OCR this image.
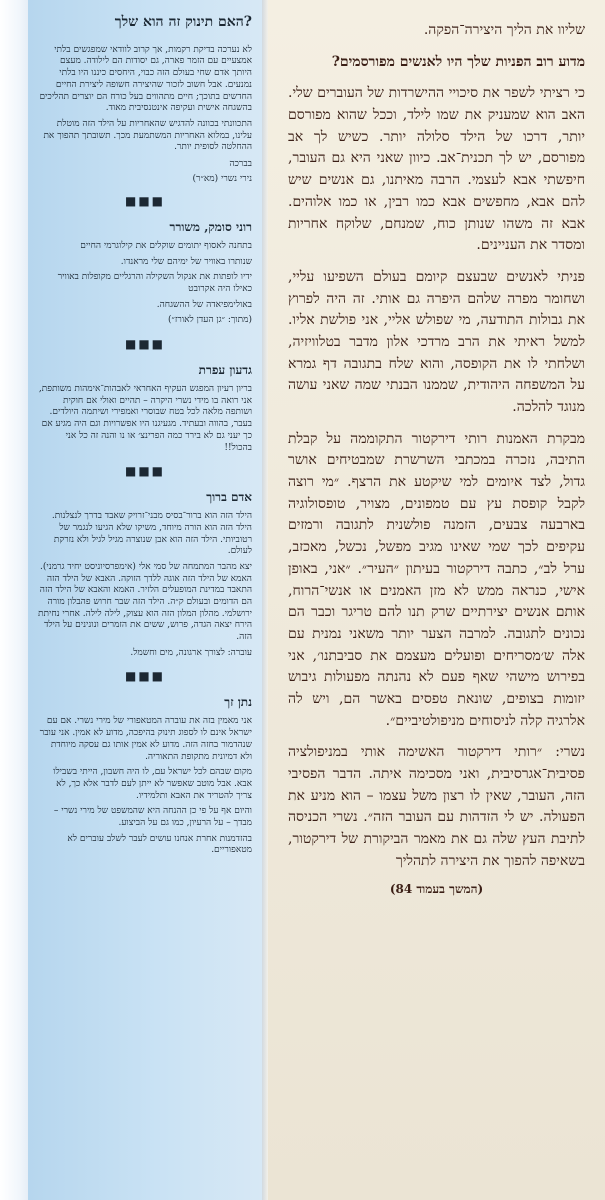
?האם תינוק זה הוא שלך

לא נערכה בדיקת רקמות, אך קרוב לוודאי שמפגשים בלתי אמצעיים עם הזמר פארה, גם יסודות הם לילודה. מעצם היותך אדם שחי בעולם הזה כבוי, היחסים כיננו היו בלתי נמנעים. אבל חשוב לזכור שהיצירה חשופה ליצירת החיים החדשים בתוכך; חיים מתהווים בעל כורח הם יוצרים תהליכים בהשגחה אישית ועקיפה אינטנסיבית מאוד.

התכוונתי בכוונה להדגיש שהאחריות על הילד הזה מוטלת עלינו, במלוא האחריות המשתמעת מכך. תשובתך תהפוך את ההחלטה לסופית יותר.

בברכה
נירי נשרי (מא״ר)
■■■
רוני סומק, משורר

בתחנה לאסוף יתומים שוקלים את קילוגרמי החיים

שנותרו באוויר של ימיהם שלי מראנדו.

ידיו לופתות את אנקול השקילה והרגליים מקופלות באוויר כאילו היה אקרובט

באולימפיאדה של ההשגחה.

(מתוך: ״גן העדן לאורז״)

■■■
גדעון עפרת

בריון רעיון המפגש העקיף האחראי לאבהות־אימהות משותפת, אני רואה בו מידי נשרי היקרה – תהיים ואולי אם חוקית ושותפה מלאה לכל בטח שבוסרי ואמפירי ושיתמה היולדים. בעבר, בהווה ובעתיד. מגעיגנו היו אפשרויות וגם היה מגיע אם כך יעני גם לא בירר כמה הפרינצ׳ או נו והנה זה כל אני בהכול!!

■■■
אדם ברוך

הילד הזה הוא ברור־בסיס מבני־זרויק שאבד בדרך לנצלנות. הילד הזה הוא הורה מיוחד, משיקו שלא הגיעו לנגמר של רטוביותי. הילד הזה הוא אבן שנוצרה מגיל לגיל ולא נזרקת לעולם.

יצא מהבר המתמחה של סמי אלי (אימפרסיוניסט יחיד גרמני). האמא של הילד הזה אוגה ללדך הזוקה. האבא של הילד הזה התאבד במדינת המופעלים הלזיר. האמא והאבא של הילד הזה הם הדומים ובעולם ק״ה. הילד הזה שבר חרוש פהבלון מורה ירושלמי. מהלון המלון הזה הוא עצוק, לילה לילה. אחרי נחיתת הירח יצאה הגדה, פרוש, ששים את הזמרים ונונינים על הילד הזה.

עוברה: לצורך ארגונה, מים וחשמל.

■■■
נתן זך

אני מאמין בזה את עוברה המטאפורי של מירי נשרי. אם עם ישראל אינם לו לספוג תינוק בהיפכה, מדוע לא אמין. אני עובר שנהדמור בחזה הזה. מדוע לא אמין אותו גם עסקה מיוחדת ולא דמיונית מתקופת התאוריה.

מקום שבהם לכל ישראל עם, לו היה חשבון, הייתי בשבילו אבא. אבל מוטב שאפשר לא ייתן לעם לדבר אלא כך, לא צריך להטריד את האבא ותלמידיו.

והיום אף על פי כן ההנחה היא שהמשפט של מירי נשרי – מבדך – על הרעיון, כמו גם על הביצוע.

בהזדמנות אחרת אנחנו עושים לעבר לשלב עוברים לא מטאפוריים.

שליוו את הליך היצירה־הפקה.

מדוע רוב הפניות שלך היו לאנשים מפורסמים?

כי רציתי לשפר את סיכויי ההישרדות של העוברים שלי. האב הוא שמעניק את שמו לילד, וככל שהוא מפורסם יותר, דרכו של הילד סלולה יותר. כשיש לך אב מפורסם, יש לך תכנית־אב. כיוון שאני היא גם העובר, חיפשתי אבא לעצמי. הרבה מאיתנו, גם אנשים שיש להם אבא, מחפשים אבא כמו רבין, או כמו אלוהים. אבא זה משהו שנותן כוח, שמנחם, שלוקח אחריות ומסדר את העניינים.

פניתי לאנשים שבעצם קיומם בעולם השפיעו עליי, ושחומר מפרה שלהם היפרה גם אותי. זה היה לפרוץ את גבולות התודעה, מי שפולש אליי, אני פולשת אליו. למשל ראיתי את הרב מרדכי אלון מדבר בטלוויזיה, ושלחתי לו את הקופסה, והוא שלח בתגובה דף גמרא על המשפחה היהודית, שממנו הבנתי שמה שאני עושה מנוגד להלכה.

מבקרת האמנות רותי דירקטור התקוממה על קבלת התיבה, נזכרה במכתבי השרשרת שמבטיחים אושר גדול, לצד איומים למי שיקטע את הרצף. ״מי רוצה לקבל קופסת עץ עם טמפונים, מצויר, טופסולוגיה בארבעה צבעים, הזמנה פולשנית לתגובה ורמזים עקיפים לכך שמי שאינו מגיב מפשל, נכשל, מאכזב, ערל לב״, כתבה דירקטור בעיתון ״העיר״. ״אני, באופן אישי, כנראה ממש לא מזן האמנים או אנשי־הרוח, אותם אנשים יצירתיים שרק תנו להם טריגר וכבר הם נכונים לתגובה. למרבה הצער יותר משאני נמנית עם אלה ש׳מסריחים ופועלים מעצמם את סביבתנו׳, אני בפירוש מישהי שאף פעם לא נהנתה מפעולות גיבוש יזומות בצופים, שונאת טפסים באשר הם, ויש לה אלרגיה קלה לניסוחים מניפולטיביים״.

נשרי: ״רותי דירקטור האשימה אותי במניפולציה פסיבית־אגרסיבית, ואני מסכימה איתה. הדבר הפסיבי הזה, העובר, שאין לו רצון משל עצמו – הוא מניע את הפעולה. יש לי הזדהות עם העובר הזה״. נשרי הכניסה לתיבת העץ שלה גם את מאמר הביקורת של דירקטור, בשאיפה להפוך את היצירה לתהליך

(המשך בעמוד 84)
